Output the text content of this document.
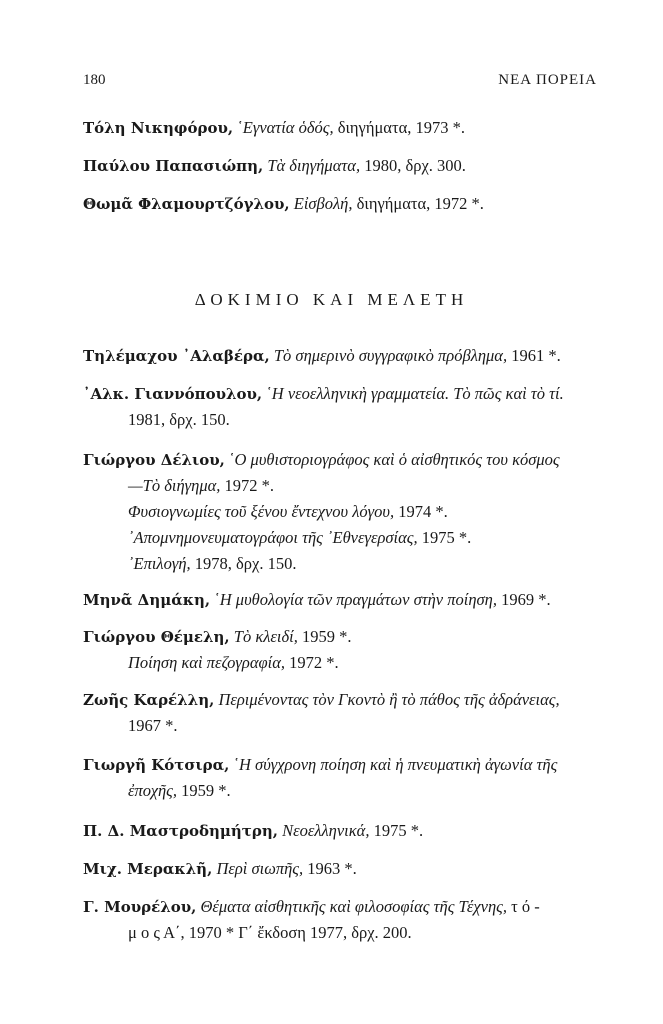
180	ΝΕΑ ΠΟΡΕΙΑ
Τόλη Νικηφόρου, ῾Εγνατία ὁδός, διηγήματα, 1973 *.
Παύλου Παπασιώπη, Τὰ διηγήματα, 1980, δρχ. 300.
Θωμᾶ Φλαμουρτζόγλου, Εἰσβολή, διηγήματα, 1972 *.
ΔΟΚΙΜΙΟ ΚΑΙ ΜΕΛΕΤΗ
Τηλέμαχου ᾿Αλαβέρα, Τὸ σημερινὸ συγγραφικὸ πρόβλημα, 1961 *.
᾿Αλκ. Γιαννόπουλου, ῾Η νεοελληνικὴ γραμματεία. Τὸ πῶς καὶ τὸ τί.
1981, δρχ. 150.
Γιώργου Δέλιου, ῾Ο μυθιστοριογράφος καὶ ὁ αἰσθητικός του κόσμος
—Τὸ διήγημα, 1972 *.
Φυσιογνωμίες τοῦ ξένου ἔντεχνου λόγου, 1974 *.
᾿Απομνημονευματογράφοι τῆς ᾿Εθνεγερσίας, 1975 *.
᾿Επιλογή, 1978, δρχ. 150.
Μηνᾶ Δημάκη, ῾Η μυθολογία τῶν πραγμάτων στὴν ποίηση, 1969 *.
Γιώργου Θέμελη, Τὸ κλειδί, 1959 *.
Ποίηση καὶ πεζογραφία, 1972 *.
Ζωῆς Καρέλλη, Περιμένοντας τὸν Γκοντὸ ἢ τὸ πάθος τῆς ἀδράνειας,
1967 *.
Γιωργῆ Κότσιρα, ῾Η σύγχρονη ποίηση καὶ ἡ πνευματικὴ ἀγωνία τῆς
ἐποχῆς, 1959 *.
Π. Δ. Μαστροδημήτρη, Νεοελληνικά, 1975 *.
Μιχ. Μερακλῆ, Περὶ σιωπῆς, 1963 *.
Γ. Μουρέλου, Θέματα αἰσθητικῆς καὶ φιλοσοφίας τῆς Τέχνης, τ ό -
μ ο ς Α΄, 1970 * Γ΄ ἔκδοση 1977, δρχ. 200.
